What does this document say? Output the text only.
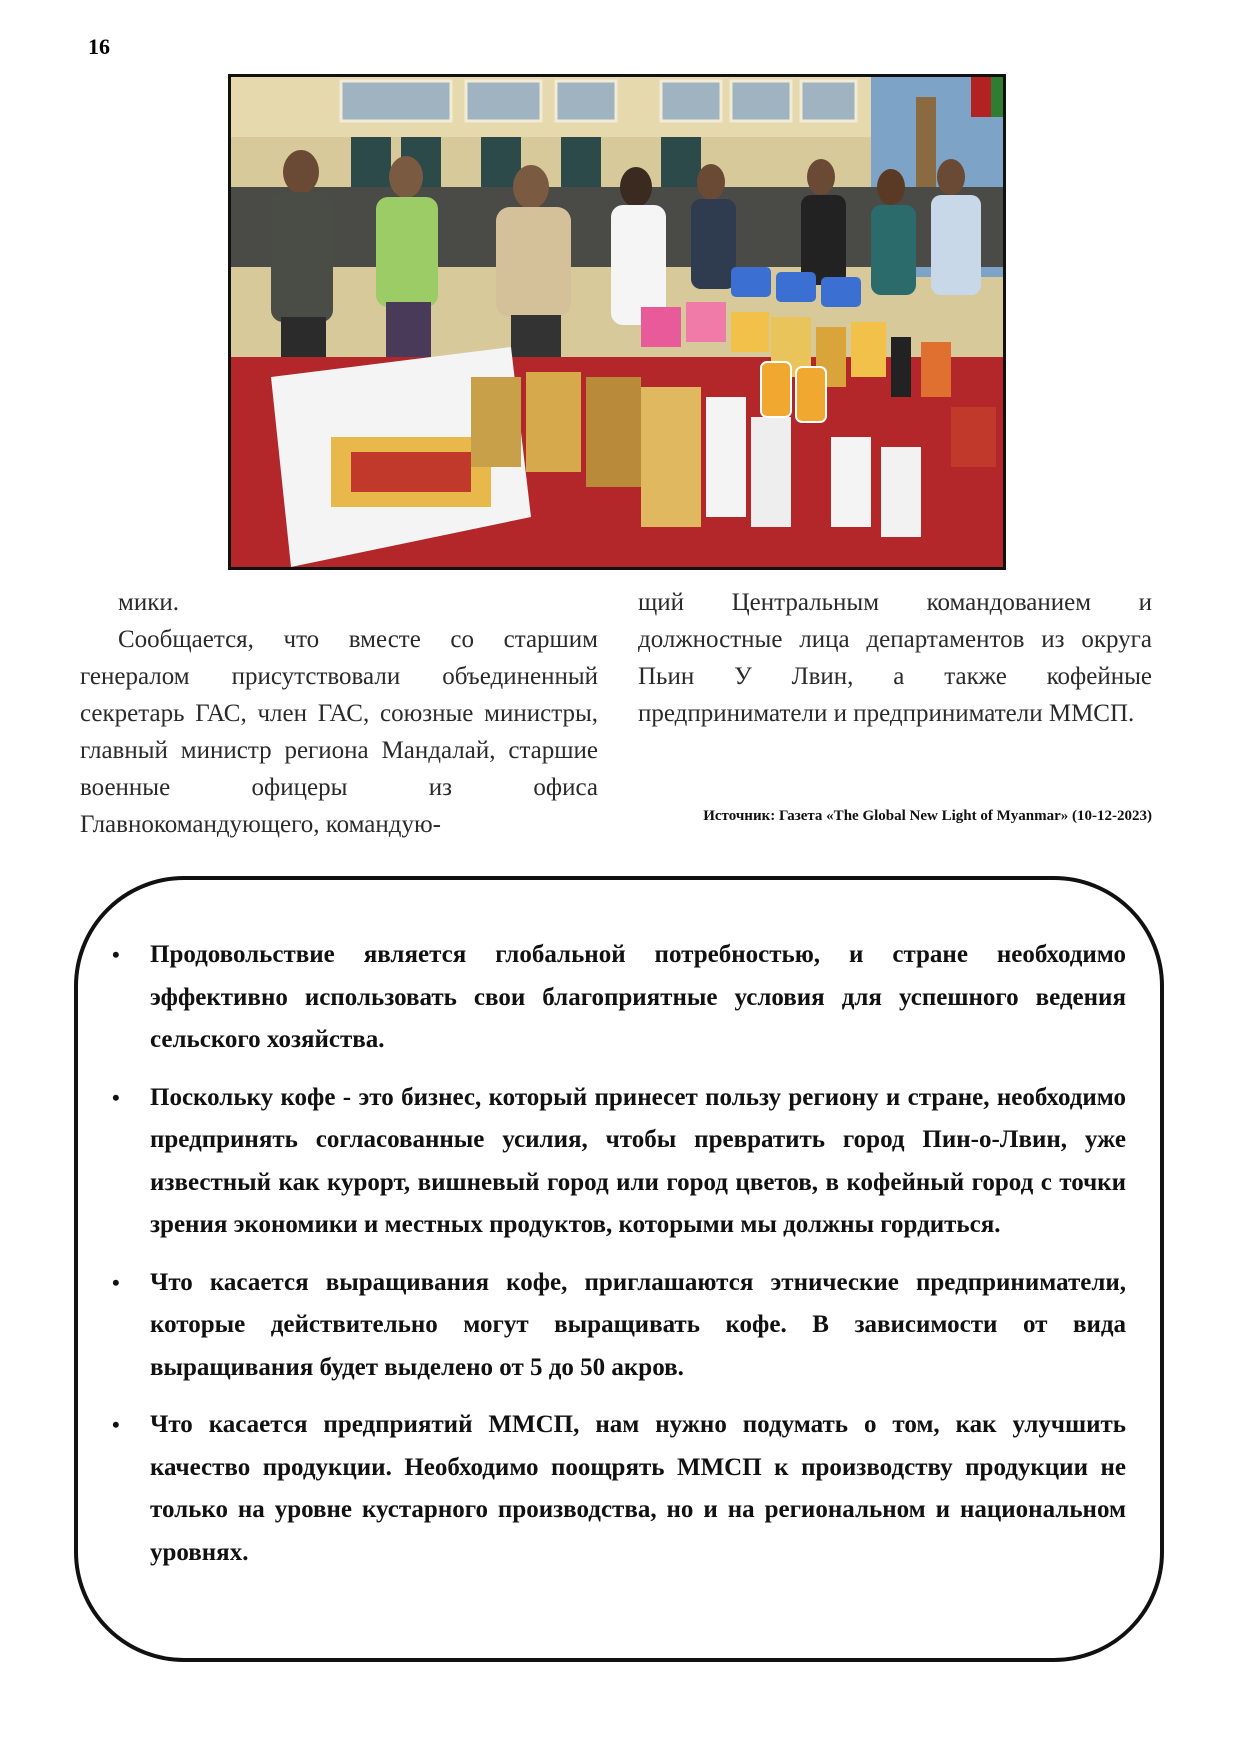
16

мики.

Сообщается, что вместе со старшим генералом присутствовали объединенный секретарь ГАС, член ГАС, союзные министры, главный министр региона Мандалай, старшие военные офицеры из офиса Главнокомандующего, командую-

щий Центральным командованием и должностные лица департаментов из округа Пьин У Лвин, а также кофейные предприниматели и предприниматели ММСП.

Источник: Газета «The Global New Light of Myanmar» (10-12-2023)
• Продовольствие является глобальной потребностью, и стране необходимо эффективно использовать свои благоприятные условия для успешного ведения сельского хозяйства.
• Поскольку кофе - это бизнес, который принесет пользу региону и стране, необходимо предпринять согласованные усилия, чтобы превратить город Пин-о-Лвин, уже известный как курорт, вишневый город или город цветов, в кофейный город с точки зрения экономики и местных продуктов, которыми мы должны гордиться.
• Что касается выращивания кофе, приглашаются этнические предприниматели, которые действительно могут выращивать кофе. В зависимости от вида выращивания будет выделено от 5 до 50 акров.
• Что касается предприятий ММСП, нам нужно подумать о том, как улучшить качество продукции. Необходимо поощрять ММСП к производству продукции не только на уровне кустарного производства, но и на региональном и национальном уровнях.
